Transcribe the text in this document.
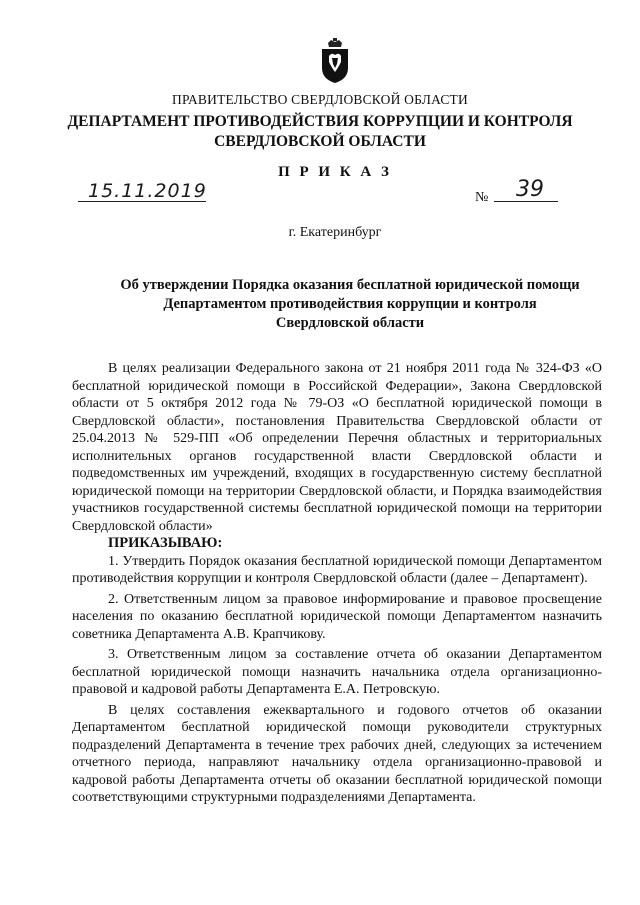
ПРАВИТЕЛЬСТВО СВЕРДЛОВСКОЙ ОБЛАСТИ
ДЕПАРТАМЕНТ ПРОТИВОДЕЙСТВИЯ КОРРУПЦИИ И КОНТРОЛЯ
СВЕРДЛОВСКОЙ ОБЛАСТИ
П Р И К А З
15.11.2019	№	39
г. Екатеринбург
Об утверждении Порядка оказания бесплатной юридической помощи
Департаментом противодействия коррупции и контроля
Свердловской области

В целях реализации Федерального закона от 21 ноября 2011 года № 324-ФЗ «О бесплатной юридической помощи в Российской Федерации», Закона Свердловской области от 5 октября 2012 года № 79-ОЗ «О бесплатной юридической помощи в Свердловской области», постановления Правительства Свердловской области от 25.04.2013 № 529-ПП «Об определении Перечня областных и территориальных исполнительных органов государственной власти Свердловской области и подведомственных им учреждений, входящих в государственную систему бесплатной юридической помощи на территории Свердловской области, и Порядка взаимодействия участников государственной системы бесплатной юридической помощи на территории Свердловской области»

ПРИКАЗЫВАЮ:

1. Утвердить Порядок оказания бесплатной юридической помощи Департаментом противодействия коррупции и контроля Свердловской области (далее – Департамент).

2. Ответственным лицом за правовое информирование и правовое просвещение населения по оказанию бесплатной юридической помощи Департаментом назначить советника Департамента А.В. Крапчикову.

3. Ответственным лицом за составление отчета об оказании Департаментом бесплатной юридической помощи назначить начальника отдела организационно-правовой и кадровой работы Департамента Е.А. Петровскую.

В целях составления ежеквартального и годового отчетов об оказании Департаментом бесплатной юридической помощи руководители структурных подразделений Департамента в течение трех рабочих дней, следующих за истечением отчетного периода, направляют начальнику отдела организационно-правовой и кадровой работы Департамента отчеты об оказании бесплатной юридической помощи соответствующими структурными подразделениями Департамента.
